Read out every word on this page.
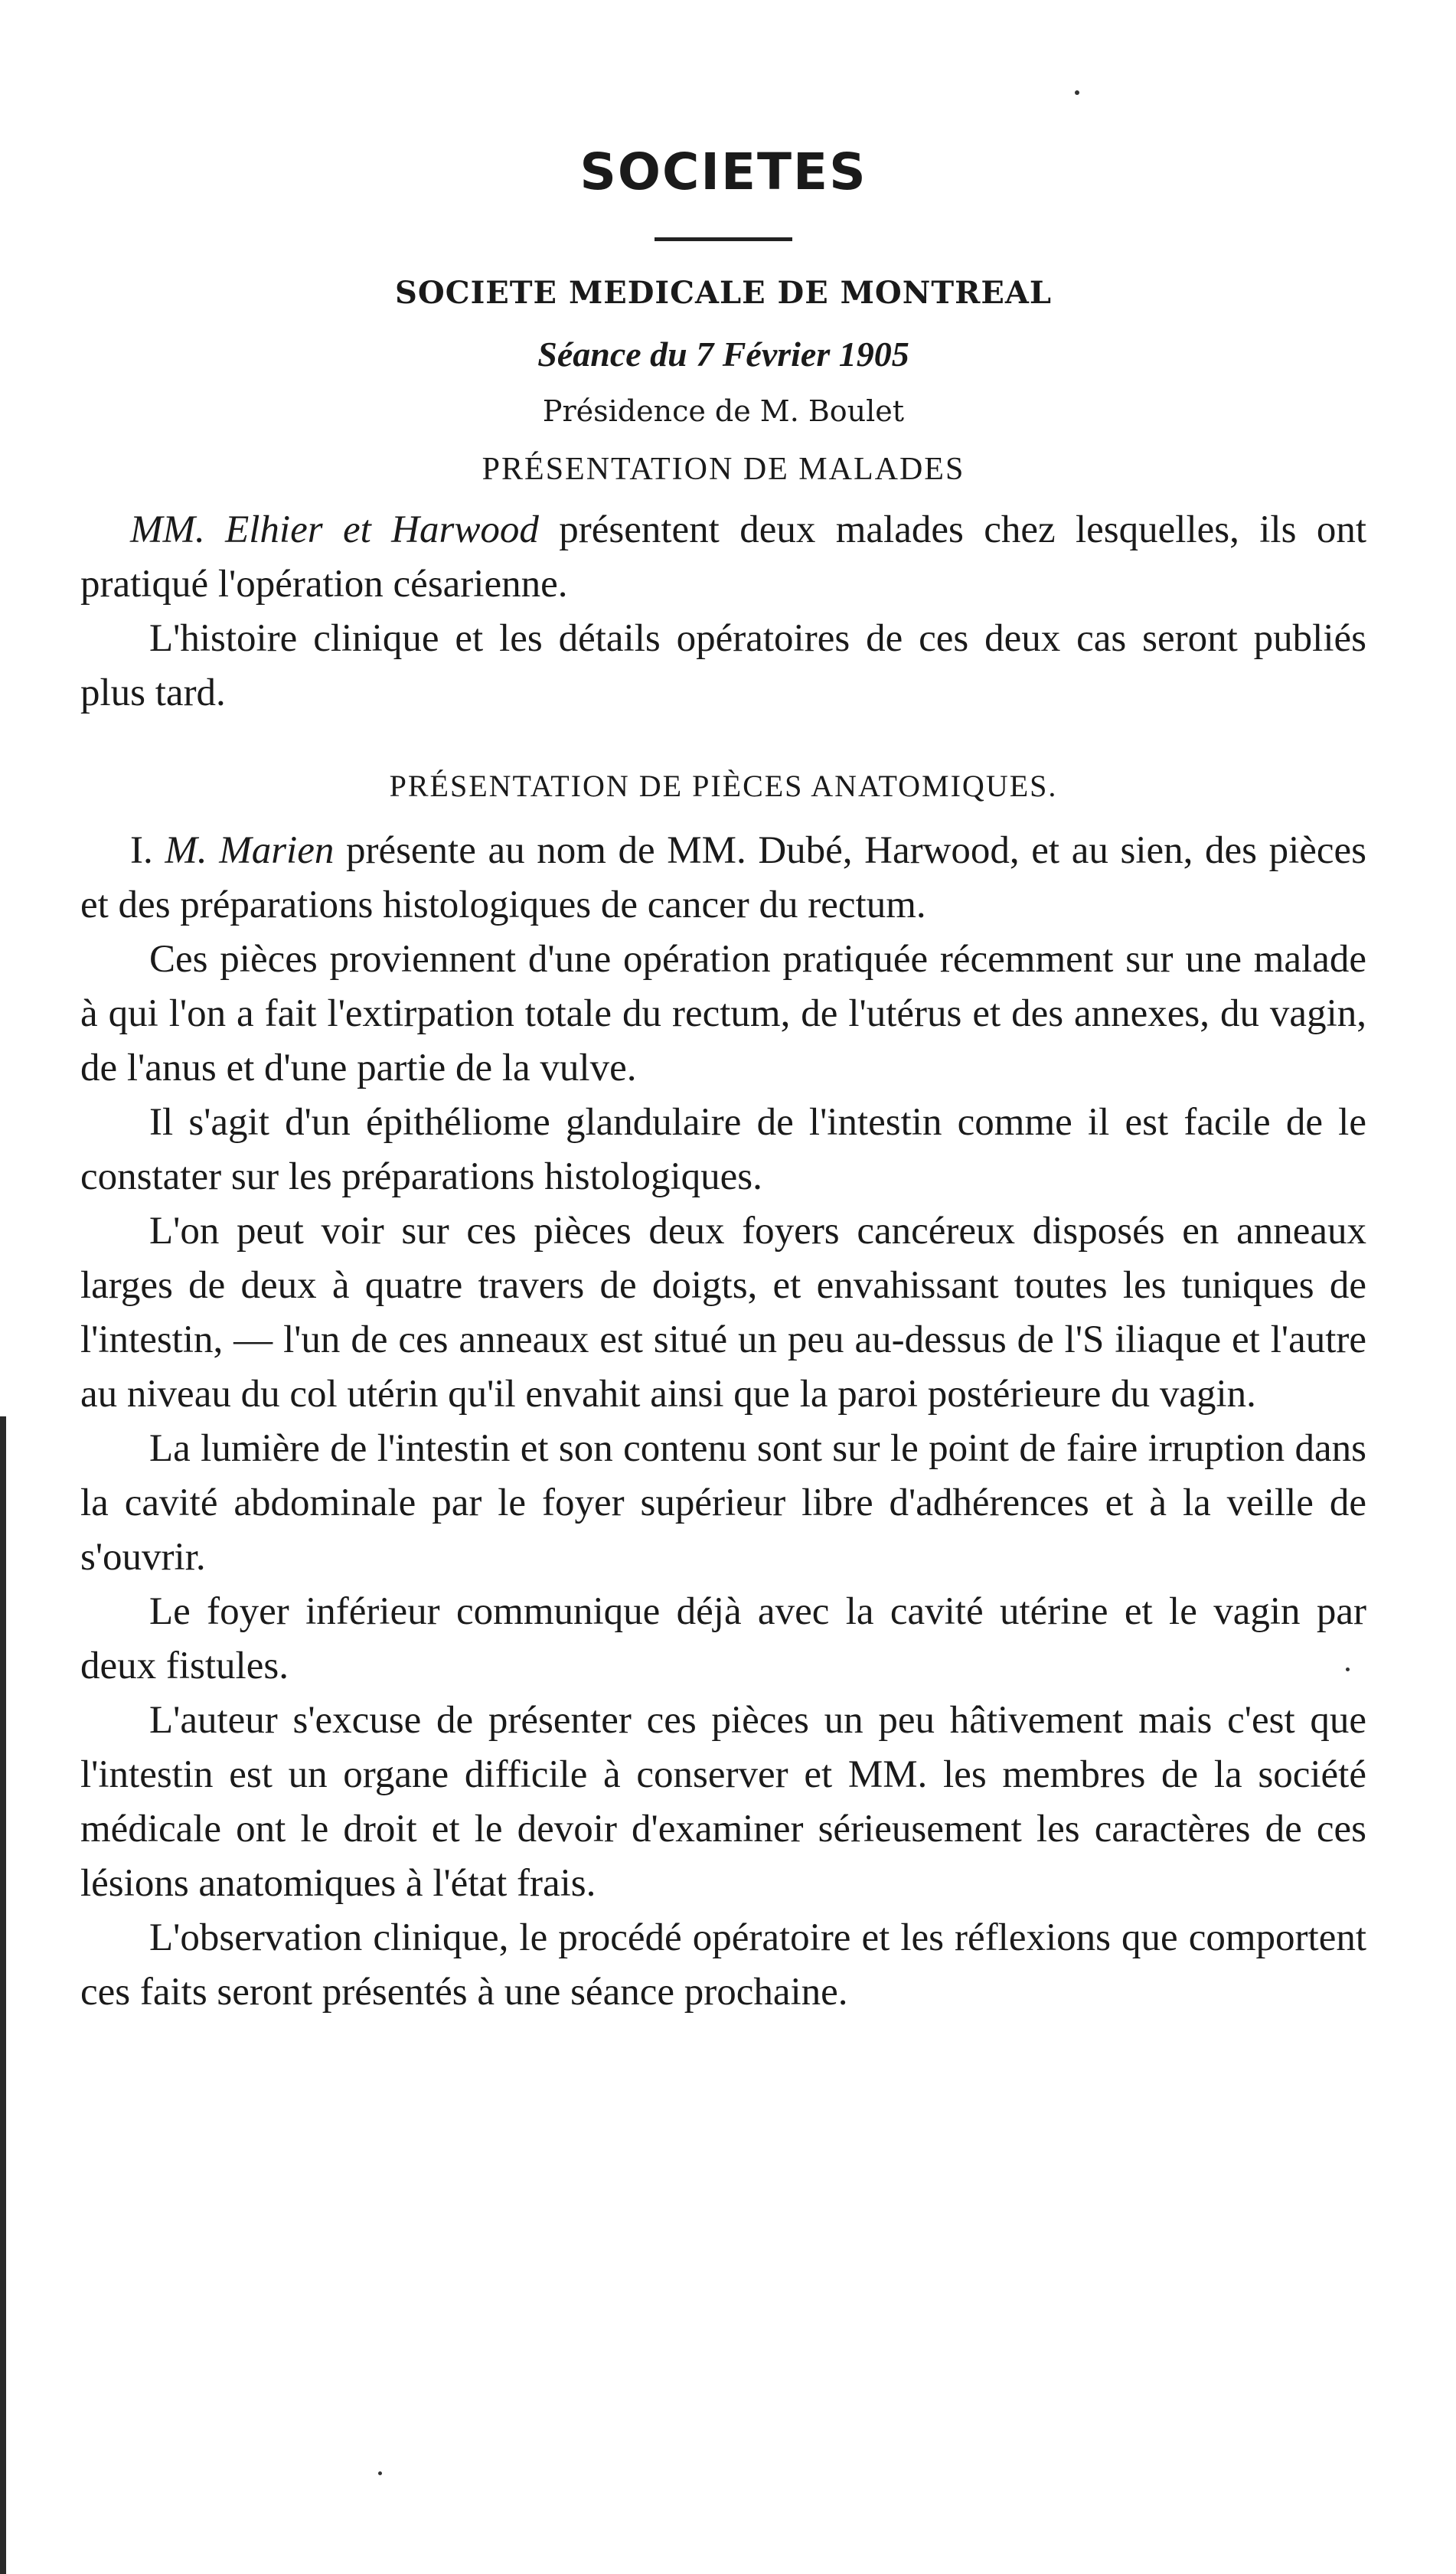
SOCIETES
SOCIETE MEDICALE DE MONTREAL
Séance du 7 Février 1905
Présidence de M. Boulet
PRÉSENTATION DE MALADES

MM. Elhier et Harwood présentent deux malades chez lesquelles, ils ont pratiqué l'opération césarienne.

L'histoire clinique et les détails opératoires de ces deux cas seront publiés plus tard.

PRÉSENTATION DE PIÈCES ANATOMIQUES.

I. M. Marien présente au nom de MM. Dubé, Harwood, et au sien, des pièces et des préparations histologiques de cancer du rectum.

Ces pièces proviennent d'une opération pratiquée récemment sur une malade à qui l'on a fait l'extirpation totale du rectum, de l'utérus et des annexes, du vagin, de l'anus et d'une partie de la vulve.

Il s'agit d'un épithéliome glandulaire de l'intestin comme il est facile de le constater sur les préparations histologiques.

L'on peut voir sur ces pièces deux foyers cancéreux disposés en anneaux larges de deux à quatre travers de doigts, et envahissant toutes les tuniques de l'intestin, — l'un de ces anneaux est situé un peu au-dessus de l'S iliaque et l'autre au niveau du col utérin qu'il envahit ainsi que la paroi postérieure du vagin.

La lumière de l'intestin et son contenu sont sur le point de faire irruption dans la cavité abdominale par le foyer supérieur libre d'adhérences et à la veille de s'ouvrir.

Le foyer inférieur communique déjà avec la cavité utérine et le vagin par deux fistules.

L'auteur s'excuse de présenter ces pièces un peu hâtivement mais c'est que l'intestin est un organe difficile à conserver et MM. les membres de la société médicale ont le droit et le devoir d'examiner sérieusement les caractères de ces lésions anatomiques à l'état frais.

L'observation clinique, le procédé opératoire et les réflexions que comportent ces faits seront présentés à une séance prochaine.
